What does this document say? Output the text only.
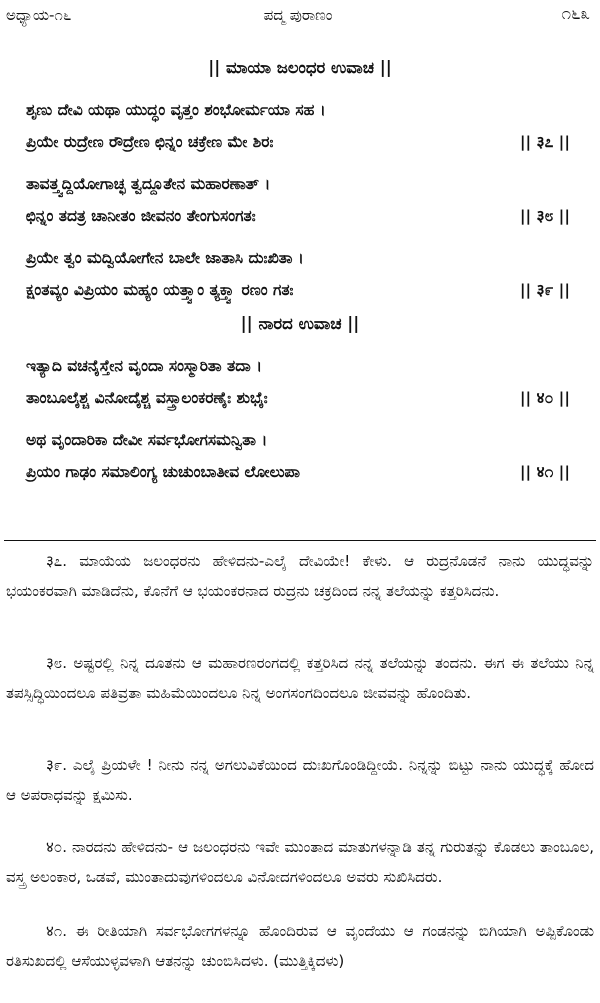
ಅಧ್ಯಾಯ-೧೬	ಪದ್ಮ ಪುರಾಣಂ	೧೬೩
|| ಮಾಯಾ ಜಲಂಧರ ಉವಾಚ ||
ಶೃಣು ದೇವಿ ಯಥಾ ಯುದ್ಧಂ ವೃತ್ತಂ ಶಂಭೋರ್ಮಯಾ ಸಹ ।
ಪ್ರಿಯೇ ರುದ್ರೇಣ ರೌದ್ರೇಣ ಛಿನ್ನಂ ಚಕ್ರೇಣ ಮೇ ಶಿರಃ	|| ३೭ ||
ತಾವತ್ತ್ವದ್ದಿಯೋಗಾಚ್ಛ ತ್ವದ್ದೂತೇನ ಮಹಾರಣಾತ್ ।
ಛಿನ್ನಂ ತದತ್ರ ಚಾನೀತಂ ಜೀವನಂ ತೇಂಗುಸಂಗತಃ	|| ३೮ ||
ಪ್ರಿಯೇ ತ್ವಂ ಮದ್ವಿಯೋಗೇನ ಬಾಲೇ ಜಾತಾಸಿ ದುಃಖಿತಾ ।
ಕ್ಷಂತವ್ಯಂ ವಿಪ್ರಿಯಂ ಮಹ್ಯಂ ಯತ್ತ್ವಾಂ ತ್ಯಕ್ತ್ವಾ ರಣಂ ಗತಃ	|| ३೯ ||
|| ನಾರದ ಉವಾಚ ||
ಇತ್ಯಾದಿ ವಚನೈಸ್ತೇನ ವೃಂದಾ ಸಂಸ್ಮಾರಿತಾ ತದಾ ।
ತಾಂಬೂಲೈಶ್ಚ ವಿನೋದೈಶ್ಚ ವಸ್ತ್ರಾಲಂಕರಣೈಃ ಶುಭೈಃ	|| ४೦ ||
ಅಥ ವೃಂದಾರಿಕಾ ದೇವೀ ಸರ್ವಭೋಗಸಮನ್ವಿತಾ ।
ಪ್ರಿಯಂ ಗಾಢಂ ಸಮಾಲಿಂಗ್ಯ ಚುಚುಂಬಾತೀವ ಲೋಲುಪಾ	|| ४೧ ||

३೭. ಮಾಯೆಯ ಜಲಂಧರನು ಹೇಳಿದನು-ಎಲೈ ದೇವಿಯೇ! ಕೇಳು. ಆ ರುದ್ರನೊಡನೆ ನಾನು ಯುದ್ಧವನ್ನು ಭಯಂಕರವಾಗಿ ಮಾಡಿದೆನು, ಕೊನೆಗೆ ಆ ಭಯಂಕರನಾದ ರುದ್ರನು ಚಕ್ರದಿಂದ ನನ್ನ ತಲೆಯನ್ನು ಕತ್ತರಿಸಿದನು.

३೮. ಅಷ್ಟರಲ್ಲಿ ನಿನ್ನ ದೂತನು ಆ ಮಹಾರಣರಂಗದಲ್ಲಿ ಕತ್ತರಿಸಿದ ನನ್ನ ತಲೆಯನ್ನು ತಂದನು. ಈಗ ಈ ತಲೆಯು ನಿನ್ನ ತಪಸ್ಸಿದ್ಧಿಯಿಂದಲೂ ಪತಿವ್ರತಾ ಮಹಿಮೆಯಿಂದಲೂ ನಿನ್ನ ಅಂಗಸಂಗದಿಂದಲೂ ಜೀವವನ್ನು ಹೊಂದಿತು.

३೯. ಎಲೈ ಪ್ರಿಯಳೇ ! ನೀನು ನನ್ನ ಅಗಲುವಿಕೆಯಿಂದ ದುಃಖಗೊಂಡಿದ್ದೀಯೆ. ನಿನ್ನನ್ನು ಬಿಟ್ಟು ನಾನು ಯುದ್ಧಕ್ಕೆ ಹೋದ ಆ ಅಪರಾಧವನ್ನು ಕ್ಷಮಿಸು.

४೦. ನಾರದನು ಹೇಳಿದನು- ಆ ಜಲಂಧರನು ಇವೇ ಮುಂತಾದ ಮಾತುಗಳನ್ನಾಡಿ ತನ್ನ ಗುರುತನ್ನು ಕೊಡಲು ತಾಂಬೂಲ, ವಸ್ತ್ರ ಅಲಂಕಾರ, ಒಡವೆ, ಮುಂತಾದುವುಗಳಿಂದಲೂ ವಿನೋದಗಳಿಂದಲೂ ಅವರು ಸುಖಿಸಿದರು.

४೧. ಈ ರೀತಿಯಾಗಿ ಸರ್ವಭೋಗಗಳನ್ನೂ ಹೊಂದಿರುವ ಆ ವೃಂದೆಯು ಆ ಗಂಡನನ್ನು ಬಿಗಿಯಾಗಿ ಅಪ್ಪಿಕೊಂಡು ರತಿಸುಖದಲ್ಲಿ ಆಸೆಯುಳ್ಳವಳಾಗಿ ಆತನನ್ನು ಚುಂಬಿಸಿದಳು. (ಮುತ್ತಿಕ್ಕಿದಳು)
